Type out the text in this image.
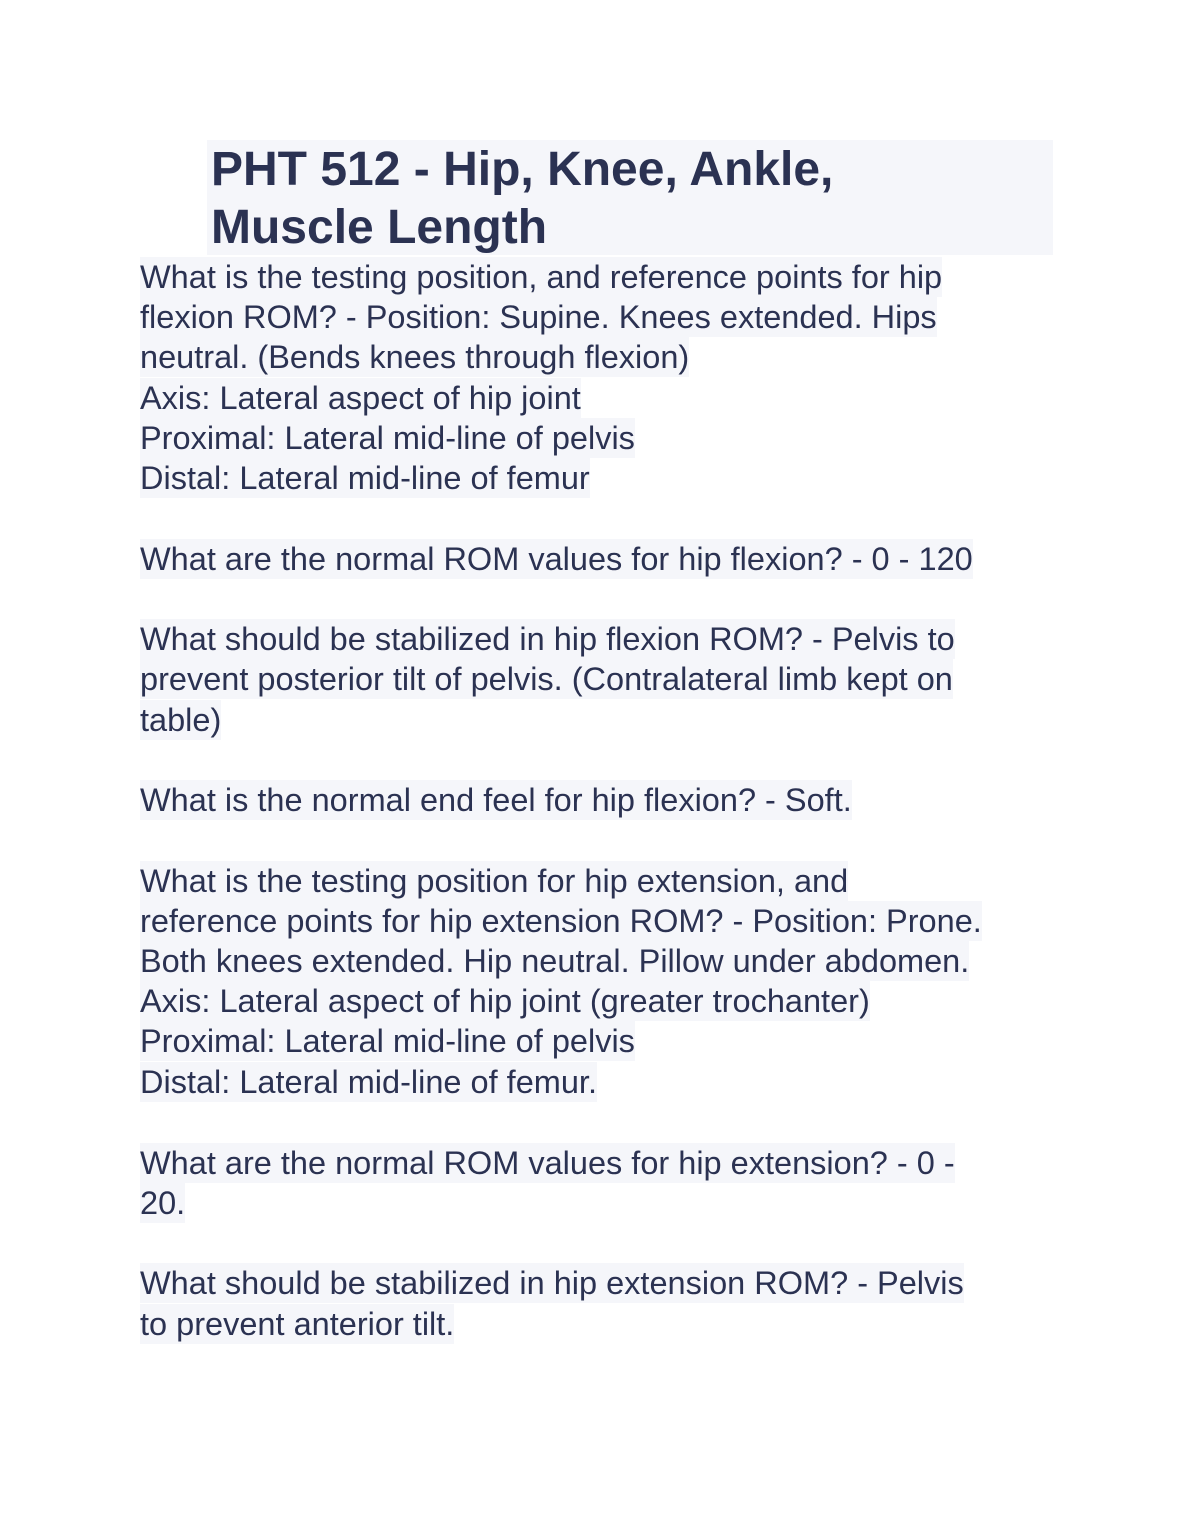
PHT 512 - Hip, Knee, Ankle,
Muscle Length
What is the testing position, and reference points for hip
flexion ROM? - Position: Supine. Knees extended. Hips
neutral. (Bends knees through flexion)
Axis: Lateral aspect of hip joint
Proximal: Lateral mid-line of pelvis
Distal: Lateral mid-line of femur
What are the normal ROM values for hip flexion? - 0 - 120
What should be stabilized in hip flexion ROM? - Pelvis to
prevent posterior tilt of pelvis. (Contralateral limb kept on
table)
What is the normal end feel for hip flexion? - Soft.
What is the testing position for hip extension, and
reference points for hip extension ROM? - Position: Prone.
Both knees extended. Hip neutral. Pillow under abdomen.
Axis: Lateral aspect of hip joint (greater trochanter)
Proximal: Lateral mid-line of pelvis
Distal: Lateral mid-line of femur.
What are the normal ROM values for hip extension? - 0 -
20.
What should be stabilized in hip extension ROM? - Pelvis
to prevent anterior tilt.
